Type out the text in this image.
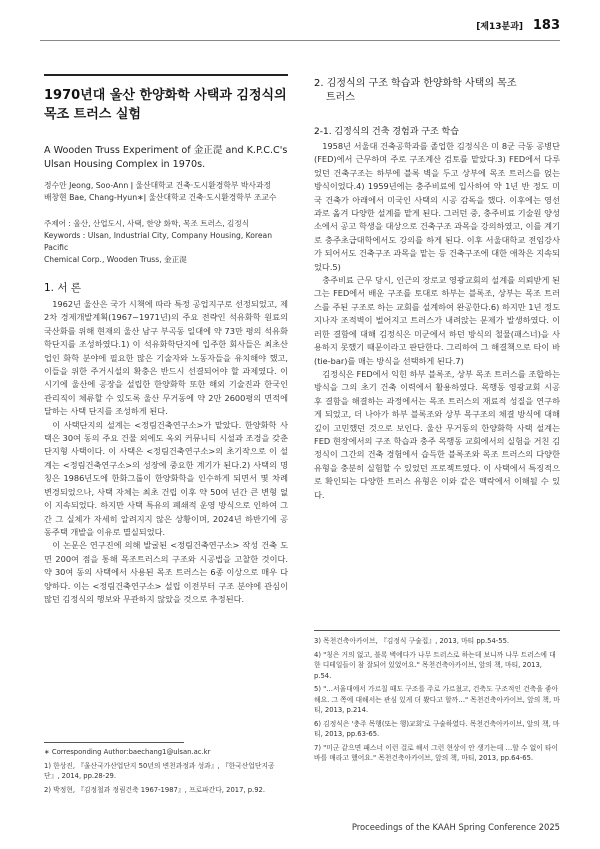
[제13분과] 183
1970년대 울산 한양화학 사택과 김정식의
목조 트러스 실험
A Wooden Truss Experiment of 金正湜 and K.P.C.C's
Ulsan Housing Complex in 1970s.
정수안 Jeong, Soo-Ann ǀ 울산대학교 건축·도시환경학부 박사과정
배창현 Bae, Chang-Hyun∗ǀ 울산대학교 건축·도시환경학부 조교수
주제어 : 울산, 산업도시, 사택, 한양 화학, 목조 트러스, 김정식
Keywords : Ulsan, Industrial City, Company Housing, Korean Pacific
Chemical Corp., Wooden Truss, 金正湜
1. 서 론

1962년 울산은 국가 시책에 따라 특정 공업지구로 선정되었고, 제2차 경제개발계획(1967~1971년)의 주요 전략인 석유화학 원료의 국산화를 위해 현재의 울산 남구 부곡동 일대에 약 73만 평의 석유화학단지를 조성하였다.1) 이 석유화학단지에 입주한 회사들은 최초산업인 화학 분야에 필요한 많은 기술자와 노동자들을 유치해야 했고, 이들을 위한 주거시설의 확충은 반드시 선결되어야 할 과제였다. 이 시기에 울산에 공장을 설립한 한양화학 또한 해외 기술진과 한국인 관리직이 체류할 수 있도록 울산 무거동에 약 2만 2600평의 면적에 달하는 사택 단지를 조성하게 된다.

이 사택단지의 설계는 <정림건축연구소>가 맡았다. 한양화학 사택은 30여 동의 주요 건물 외에도 옥외 커뮤니티 시설과 조경을 갖춘 단지형 사택이다. 이 사택은 <정림건축연구소>의 초기작으로 이 설계는 <정림건축연구소>의 성장에 중요한 계기가 된다.2) 사택의 명칭은 1986년도에 한화그룹이 한양화학을 인수하게 되면서 몇 차례 변경되었으나, 사택 자체는 최초 건립 이후 약 50여 년간 큰 변형 없이 지속되었다. 하지만 사택 특유의 폐쇄적 운영 방식으로 인하여 그간 그 실체가 자세히 알려지지 않은 상황이며, 2024년 하반기에 공동주택 개발을 이유로 멸실되었다.

이 논문은 연구진에 의해 발굴된 <정림건축연구소> 작성 건축 도면 200여 점을 통해 목조트러스의 구조와 시공법을 고찰한 것이다. 약 30여 동의 사택에서 사용된 목조 트러스는 6종 이상으로 매우 다양하다. 이는 <정림건축연구소> 설립 이전부터 구조 분야에 관심이 많던 김정식의 행보와 무관하지 않았을 것으로 추정된다.

∗ Corresponding Author:baechang1@ulsan.ac.kr
1) 한상진, 『울산국가산업단지 50년의 변천과정과 성과』, 『한국산업단지공단』, 2014, pp.28-29.
2) 박정현, 『김정철과 정림건축 1967-1987』, 프로파간다, 2017, p.92.
2. 김정식의 구조 학습과 한양화학 사택의 목조
트러스
2-1. 김정식의 건축 경험과 구조 학습

1958년 서울대 건축공학과를 졸업한 김정식은 미 8군 극동 공병단(FED)에서 근무하며 주로 구조계산 검토를 맡았다.3) FED에서 다루었던 건축구조는 하부에 블록 벽을 두고 상부에 목조 트러스를 얹는 방식이었다.4) 1959년에는 충주비료에 입사하여 약 1년 반 정도 미국 건축가 아래에서 미국인 사택의 시공 감독을 했다. 이후에는 영선과로 옮겨 다양한 설계를 맡게 된다. 그러던 중, 충주비료 기술원 양성소에서 공고 학생을 대상으로 건축구조 과목을 강의하였고, 이를 계기로 충주초급대학에서도 강의를 하게 된다. 이후 서울대학교 전임강사가 되어서도 건축구조 과목을 맡는 등 건축구조에 대한 애착은 지속되었다.5)

충주비료 근무 당시, 인근의 장로교 영광교회의 설계를 의뢰받게 된 그는 FED에서 배운 구조를 토대로 하부는 블록조, 상부는 목조 트러스를 주된 구조로 하는 교회를 설계하여 완공한다.6) 하지만 1년 정도 지나자 조적벽이 벌어지고 트러스가 내려앉는 문제가 발생하였다. 이러한 결함에 대해 김정식은 미군에서 하던 방식의 철물(패스너)을 사용하지 못했기 때문이라고 판단한다. 그리하여 그 해결책으로 타이 바(tie-bar)를 매는 방식을 선택하게 된다.7)

김정식은 FED에서 익힌 하부 블록조, 상부 목조 트러스를 조합하는 방식을 그의 초기 건축 이력에서 활용하였다. 목행동 영광교회 시공 후 결함을 해결하는 과정에서는 목조 트러스의 재료적 성질을 연구하게 되었고, 더 나아가 하부 블록조와 상부 목구조의 체결 방식에 대해 깊이 고민했던 것으로 보인다. 울산 무거동의 한양화학 사택 설계는 FED 현장에서의 구조 학습과 충주 목행동 교회에서의 실험을 거친 김정식이 그간의 건축 경험에서 습득한 블록조와 목조 트러스의 다양한 유형을 충분히 실험할 수 있었던 프로젝트였다. 이 사택에서 특징적으로 확인되는 다양한 트러스 유형은 이와 같은 맥락에서 이해될 수 있다.

3) 목천건축아카이브, 『김정식 구술집』, 2013, 마티 pp.54-55.
4) "칭은 거의 없고, 블록 벽에다가 나무 트러스로 하는데 보니까 나무 트러스에 대한 디테일들이 참 잘되어 있었어요." 목천건축아카이브, 앞의 책, 마티, 2013, p.54.
5) "…서울대에서 가르칠 때도 구조를 주로 가르쳤고, 건축도 구조적인 건축을 좋아해요. 그 쪽에 대해서는 관심 있게 더 봤다고 할까…" 목천건축아카이브, 앞의 책, 마티, 2013, p.214.
6) 김정식은 '충주 목행(또는 행)교회'로 구술하였다. 목천건축아카이브, 앞의 책, 마티, 2013, pp.63-65.
7) "미군 같으면 패스너 이런 걸로 해서 그런 현상이 안 생기는데 …할 수 없이 타이 바를 매라고 했어요." 목천건축아카이브, 앞의 책, 마티, 2013, pp.64-65.
Proceedings of the KAAH Spring Conference 2025
